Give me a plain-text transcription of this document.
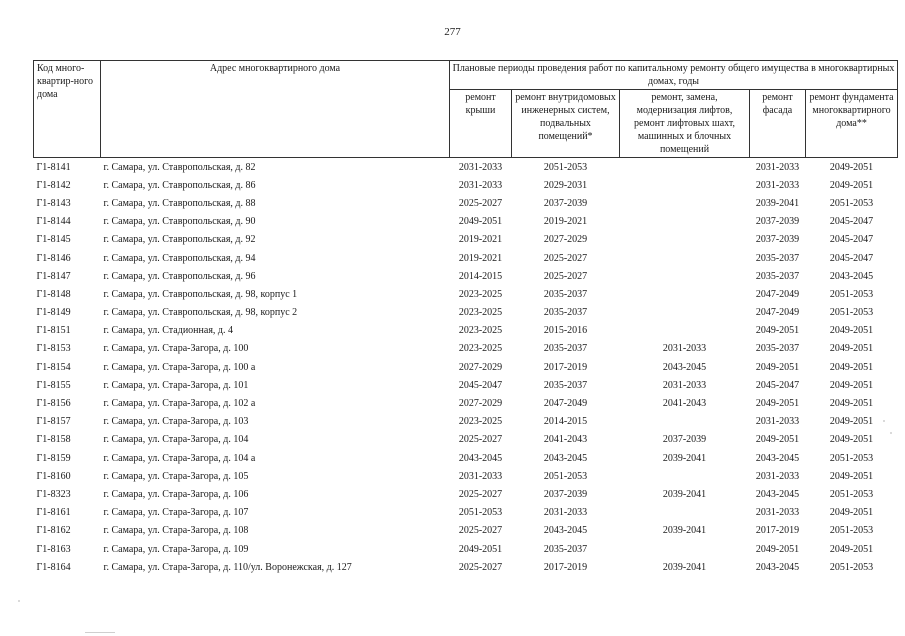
277
Код много-квартир-ного дома	Адрес многоквартирного дома	Плановые периоды проведения работ по капитальному ремонту общего имущества в многоквартирных домах, годы				
		ремонт крыши	ремонт внутридомовых инженерных систем, подвальных помещений*	ремонт, замена, модернизация лифтов, ремонт лифтовых шахт, машинных и блочных помещений	ремонт фасада	ремонт фундамента многоквартирного дома**
Г1-8141	г. Самара, ул. Ставропольская, д. 82	2031-2033	2051-2053		2031-2033	2049-2051
Г1-8142	г. Самара, ул. Ставропольская, д. 86	2031-2033	2029-2031		2031-2033	2049-2051
Г1-8143	г. Самара, ул. Ставропольская, д. 88	2025-2027	2037-2039		2039-2041	2051-2053
Г1-8144	г. Самара, ул. Ставропольская, д. 90	2049-2051	2019-2021		2037-2039	2045-2047
Г1-8145	г. Самара, ул. Ставропольская, д. 92	2019-2021	2027-2029		2037-2039	2045-2047
Г1-8146	г. Самара, ул. Ставропольская, д. 94	2019-2021	2025-2027		2035-2037	2045-2047
Г1-8147	г. Самара, ул. Ставропольская, д. 96	2014-2015	2025-2027		2035-2037	2043-2045
Г1-8148	г. Самара, ул. Ставропольская, д. 98, корпус 1	2023-2025	2035-2037		2047-2049	2051-2053
Г1-8149	г. Самара, ул. Ставропольская, д. 98, корпус 2	2023-2025	2035-2037		2047-2049	2051-2053
Г1-8151	г. Самара, ул. Стадионная, д. 4	2023-2025	2015-2016		2049-2051	2049-2051
Г1-8153	г. Самара, ул. Стара-Загора, д. 100	2023-2025	2035-2037	2031-2033	2035-2037	2049-2051
Г1-8154	г. Самара, ул. Стара-Загора, д. 100 а	2027-2029	2017-2019	2043-2045	2049-2051	2049-2051
Г1-8155	г. Самара, ул. Стара-Загора, д. 101	2045-2047	2035-2037	2031-2033	2045-2047	2049-2051
Г1-8156	г. Самара, ул. Стара-Загора, д. 102 а	2027-2029	2047-2049	2041-2043	2049-2051	2049-2051
Г1-8157	г. Самара, ул. Стара-Загора, д. 103	2023-2025	2014-2015		2031-2033	2049-2051
Г1-8158	г. Самара, ул. Стара-Загора, д. 104	2025-2027	2041-2043	2037-2039	2049-2051	2049-2051
Г1-8159	г. Самара, ул. Стара-Загора, д. 104 а	2043-2045	2043-2045	2039-2041	2043-2045	2051-2053
Г1-8160	г. Самара, ул. Стара-Загора, д. 105	2031-2033	2051-2053		2031-2033	2049-2051
Г1-8323	г. Самара, ул. Стара-Загора, д. 106	2025-2027	2037-2039	2039-2041	2043-2045	2051-2053
Г1-8161	г. Самара, ул. Стара-Загора, д. 107	2051-2053	2031-2033		2031-2033	2049-2051
Г1-8162	г. Самара, ул. Стара-Загора, д. 108	2025-2027	2043-2045	2039-2041	2017-2019	2051-2053
Г1-8163	г. Самара, ул. Стара-Загора, д. 109	2049-2051	2035-2037		2049-2051	2049-2051
Г1-8164	г. Самара, ул. Стара-Загора, д. 110/ул. Воронежская, д. 127	2025-2027	2017-2019	2039-2041	2043-2045	2051-2053
